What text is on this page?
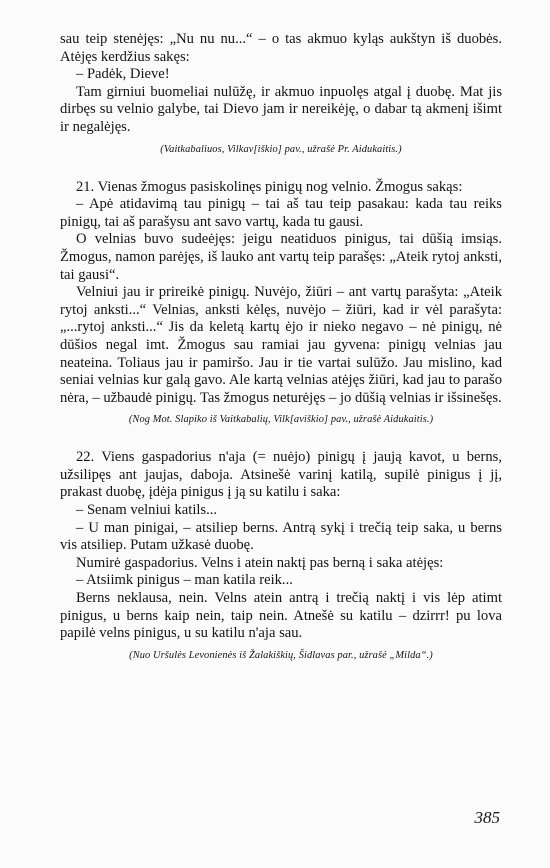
sau teip stenėjęs: „Nu nu nu...“ – o tas akmuo kyląs aukštyn iš duobės. Atėjęs kerdžius sakęs:

– Padėk, Dieve!

Tam girniui buomeliai nulūžę, ir akmuo inpuolęs atgal į duobę. Mat jis dirbęs su velnio galybe, tai Dievo jam ir nereikėję, o dabar tą akmenį išimt ir negalėjęs.

(Vaitkabaliuos, Vilkav[iškio] pav., užrašė Pr. Aidukaitis.)

21. Vienas žmogus pasiskolinęs pinigų nog velnio. Žmogus sakąs:

– Apė atidavimą tau pinigų – tai aš tau teip pasakau: kada tau reiks pinigų, tai aš parašysu ant savo vartų, kada tu gausi.

O velnias buvo sudeėjęs: jeigu neatiduos pinigus, tai dūšią imsiąs. Žmogus, namon parėjęs, iš lauko ant vartų teip parašęs: „Ateik rytoj anksti, tai gausi“.

Velniui jau ir prireikė pinigų. Nuvėjo, žiūri – ant vartų parašyta: „Ateik rytoj anksti...“ Velnias, anksti kėlęs, nuvėjo – žiūri, kad ir vėl parašyta: „...rytoj anksti...“ Jis da keletą kartų ėjo ir nieko negavo – nė pinigų, nė dūšios negal imt. Žmogus sau ramiai jau gyvena: pinigų velnias jau neateina. Toliaus jau ir pamiršo. Jau ir tie vartai sulūžo. Jau mislino, kad seniai velnias kur galą gavo. Ale kartą velnias atėjęs žiūri, kad jau to parašo nėra, – užbaudė pinigų. Tas žmogus neturėjęs – jo dūšią velnias ir išsinešęs.

(Nog Mot. Slapiko iš Vaitkabalių, Vilk[aviškio] pav., užrašė Aidukaitis.)

22. Viens gaspadorius n'aja (= nuėjo) pinigų į jaują kavot, u berns, užsilipęs ant jaujas, daboja. Atsinešė varinį katilą, supilė pinigus į jį, prakast duobę, įdėja pinigus į ją su katilu i saka:

– Senam velniui katils...

– U man pinigai, – atsiliep berns. Antrą sykį i trečią teip saka, u berns vis atsiliep. Putam užkasė duobę.

Numirė gaspadorius. Velns i atein naktį pas berną i saka atėjęs:

– Atsiimk pinigus – man katila reik...

Berns neklausa, nein. Velns atein antrą i trečią naktį i vis lėp atimt pinigus, u berns kaip nein, taip nein. Atnešė su katilu – dzirrr! pu lova papilė velns pinigus, u su katilu n'aja sau.

(Nuo Uršulės Levonienės iš Žalakiškių, Šidlavas par., užrašė „Milda“.)

385
